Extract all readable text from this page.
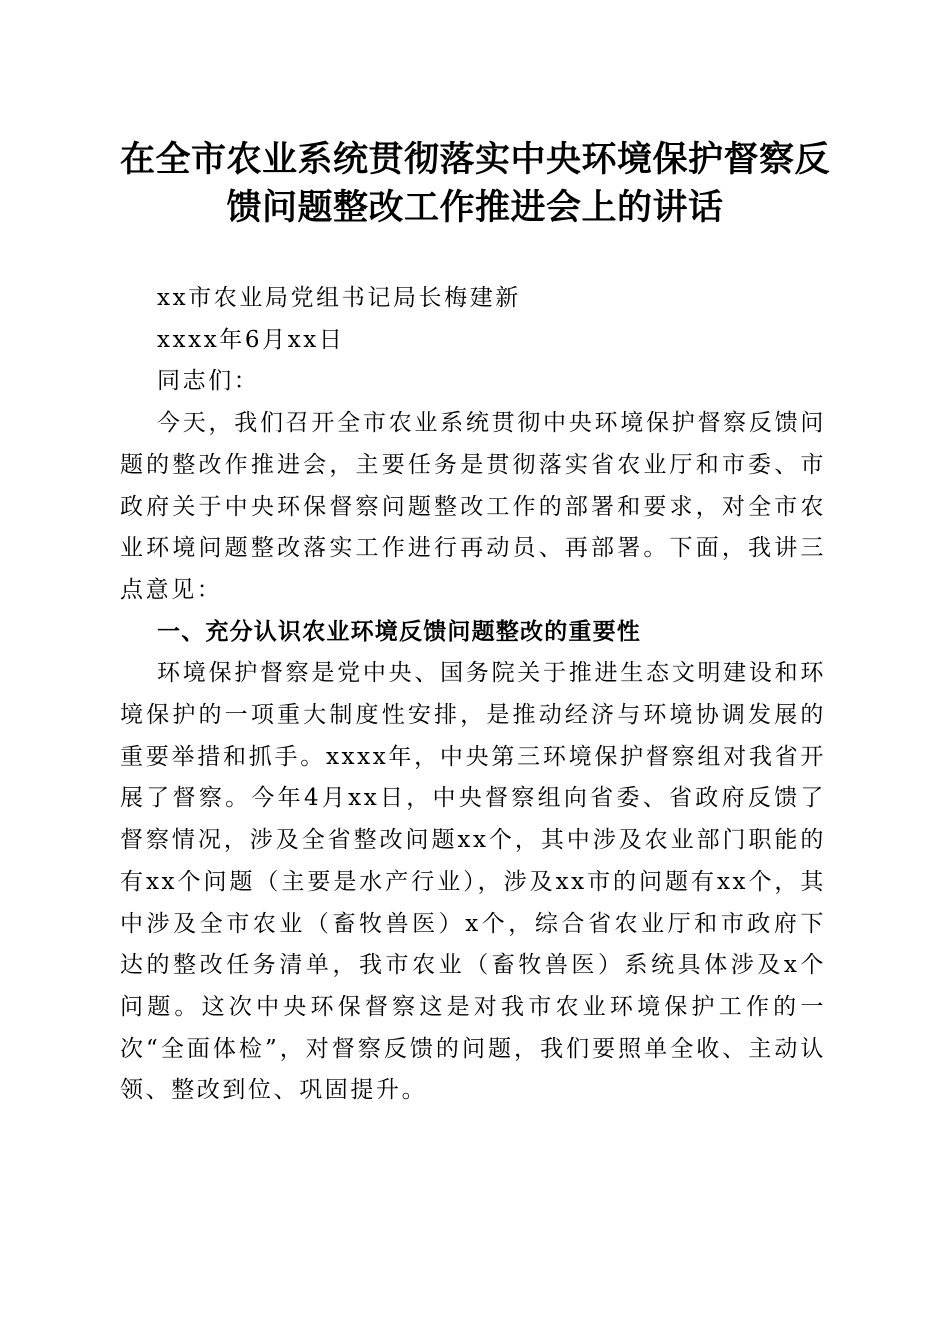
在全市农业系统贯彻落实中央环境保护督察反馈问题整改工作推进会上的讲话

xx市农业局党组书记局长梅建新

xxxx年6月xx日

同志们：

今天，我们召开全市农业系统贯彻中央环境保护督察反馈问题的整改作推进会，主要任务是贯彻落实省农业厅和市委、市政府关于中央环保督察问题整改工作的部署和要求，对全市农业环境问题整改落实工作进行再动员、再部署。下面，我讲三点意见：

一、充分认识农业环境反馈问题整改的重要性

环境保护督察是党中央、国务院关于推进生态文明建设和环境保护的一项重大制度性安排，是推动经济与环境协调发展的重要举措和抓手。xxxx年，中央第三环境保护督察组对我省开展了督察。今年4月xx日，中央督察组向省委、省政府反馈了督察情况，涉及全省整改问题xx个，其中涉及农业部门职能的有xx个问题（主要是水产行业），涉及xx市的问题有xx个，其中涉及全市农业（畜牧兽医）x个，综合省农业厅和市政府下达的整改任务清单，我市农业（畜牧兽医）系统具体涉及x个问题。这次中央环保督察这是对我市农业环境保护工作的一次“全面体检”，对督察反馈的问题，我们要照单全收、主动认领、整改到位、巩固提升。
